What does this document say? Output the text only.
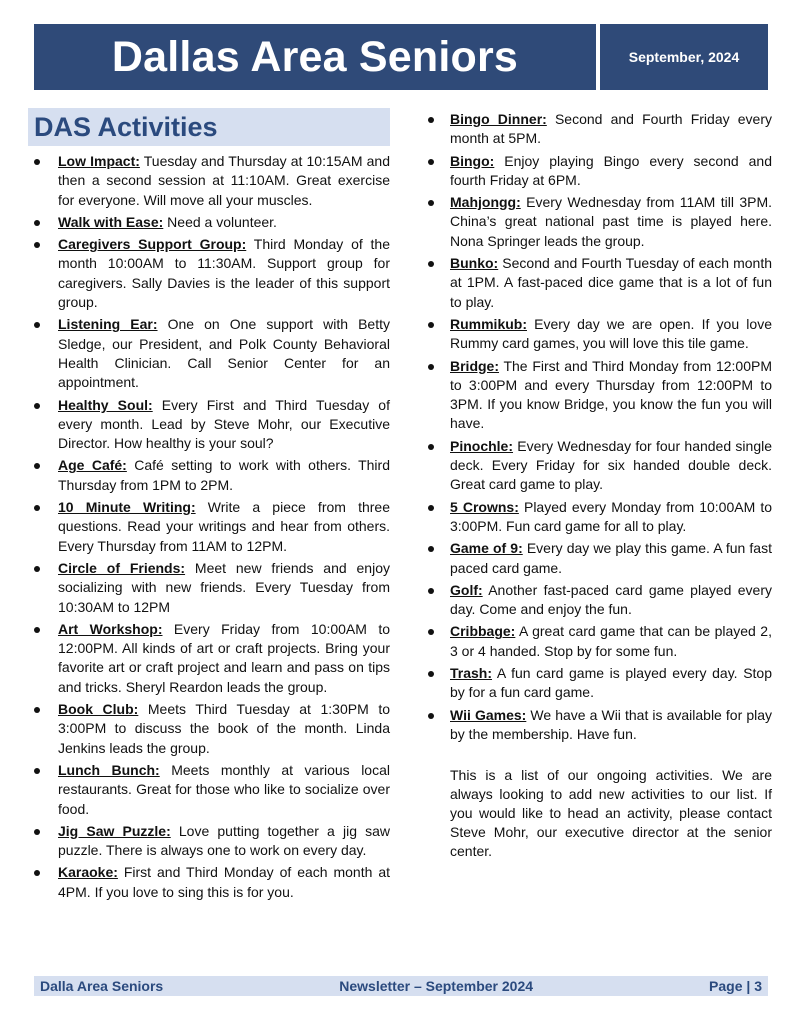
Dallas Area Seniors	September, 2024
DAS Activities
Low Impact: Tuesday and Thursday at 10:15AM and then a second session at 11:10AM. Great exercise for everyone. Will move all your muscles.
Walk with Ease: Need a volunteer.
Caregivers Support Group: Third Monday of the month 10:00AM to 11:30AM. Support group for caregivers. Sally Davies is the leader of this support group.
Listening Ear: One on One support with Betty Sledge, our President, and Polk County Behavioral Health Clinician. Call Senior Center for an appointment.
Healthy Soul: Every First and Third Tuesday of every month. Lead by Steve Mohr, our Executive Director. How healthy is your soul?
Age Café: Café setting to work with others. Third Thursday from 1PM to 2PM.
10 Minute Writing: Write a piece from three questions. Read your writings and hear from others. Every Thursday from 11AM to 12PM.
Circle of Friends: Meet new friends and enjoy socializing with new friends. Every Tuesday from 10:30AM to 12PM
Art Workshop: Every Friday from 10:00AM to 12:00PM. All kinds of art or craft projects. Bring your favorite art or craft project and learn and pass on tips and tricks. Sheryl Reardon leads the group.
Book Club: Meets Third Tuesday at 1:30PM to 3:00PM to discuss the book of the month. Linda Jenkins leads the group.
Lunch Bunch: Meets monthly at various local restaurants. Great for those who like to socialize over food.
Jig Saw Puzzle: Love putting together a jig saw puzzle. There is always one to work on every day.
Karaoke: First and Third Monday of each month at 4PM. If you love to sing this is for you.
Bingo Dinner: Second and Fourth Friday every month at 5PM.
Bingo: Enjoy playing Bingo every second and fourth Friday at 6PM.
Mahjongg: Every Wednesday from 11AM till 3PM. China’s great national past time is played here. Nona Springer leads the group.
Bunko: Second and Fourth Tuesday of each month at 1PM. A fast-paced dice game that is a lot of fun to play.
Rummikub: Every day we are open. If you love Rummy card games, you will love this tile game.
Bridge: The First and Third Monday from 12:00PM to 3:00PM and every Thursday from 12:00PM to 3PM. If you know Bridge, you know the fun you will have.
Pinochle: Every Wednesday for four handed single deck. Every Friday for six handed double deck. Great card game to play.
5 Crowns: Played every Monday from 10:00AM to 3:00PM. Fun card game for all to play.
Game of 9: Every day we play this game. A fun fast paced card game.
Golf: Another fast-paced card game played every day. Come and enjoy the fun.
Cribbage: A great card game that can be played 2, 3 or 4 handed. Stop by for some fun.
Trash: A fun card game is played every day. Stop by for a fun card game.
Wii Games: We have a Wii that is available for play by the membership. Have fun.
This is a list of our ongoing activities. We are always looking to add new activities to our list. If you would like to head an activity, please contact Steve Mohr, our executive director at the senior center.
Dalla Area Seniors	Newsletter – September 2024	Page | 3
